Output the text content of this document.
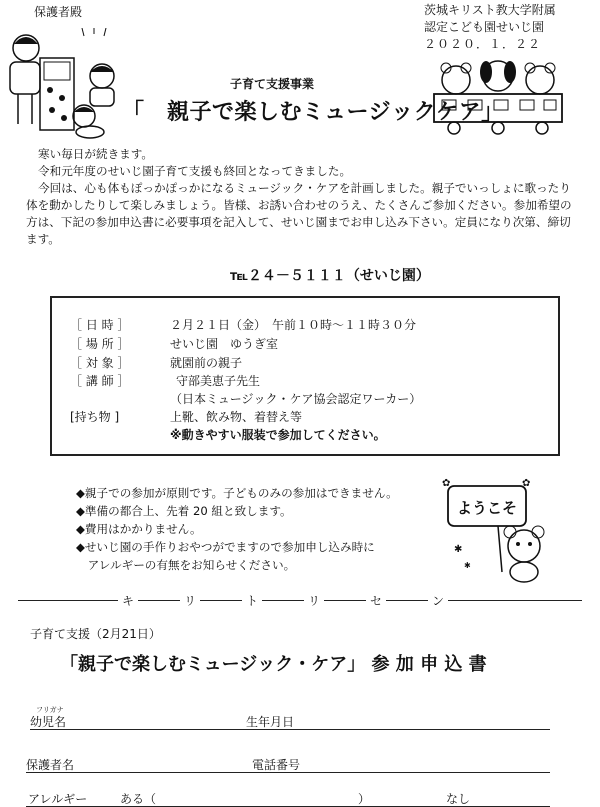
保護者殿	茨城キリスト教大学附属
認定こども園せいじ園
２０２０．１．２２
子育て支援事業
「　親子で楽しむミュージックケア」

寒い毎日が続きます。

令和元年度のせいじ園子育て支援も終回となってきました。

今回は、心も体もぽっかぽっかになるミュージック・ケアを計画しました。親子でいっしょに歌ったり体を動かしたりして楽しみましょう。皆様、お誘い合わせのうえ、たくさんご参加ください。参加希望の方は、下記の参加申込書に必要事項を記入して、せいじ園までお申し込み下さい。定員になり次第、締切ます。

℡２４－５１１１（せいじ園）
［ 日 時 ］	２月２１日（金）　午前１０時～１１時３０分
［ 場 所 ］	せいじ園　ゆうぎ室
［ 対 象 ］	就園前の親子
［ 講 師 ］	守部美恵子先生
（日本ミュージック・ケア協会認定ワーカー）
[持ち物 ]	上靴、飲み物、着替え等
※動きやすい服装で参加してください。
◆親子での参加が原則です。子どものみの参加はできません。
◆準備の都合上、先着 20 組と致します。
◆費用はかかりません。
◆せいじ園の手作りおやつがでますので参加申し込み時に
　アレルギーの有無をお知らせください。
ようこそ
✿	✿
✱
✱
キ	リ	ト	リ	セ	ン
子育て支援（2月21日）
「親子で楽しむミュージック・ケア」 参 加 申 込 書
フリガナ
幼児名	生年月日
保護者名	電話番号
アレルギー	ある（	）	なし
